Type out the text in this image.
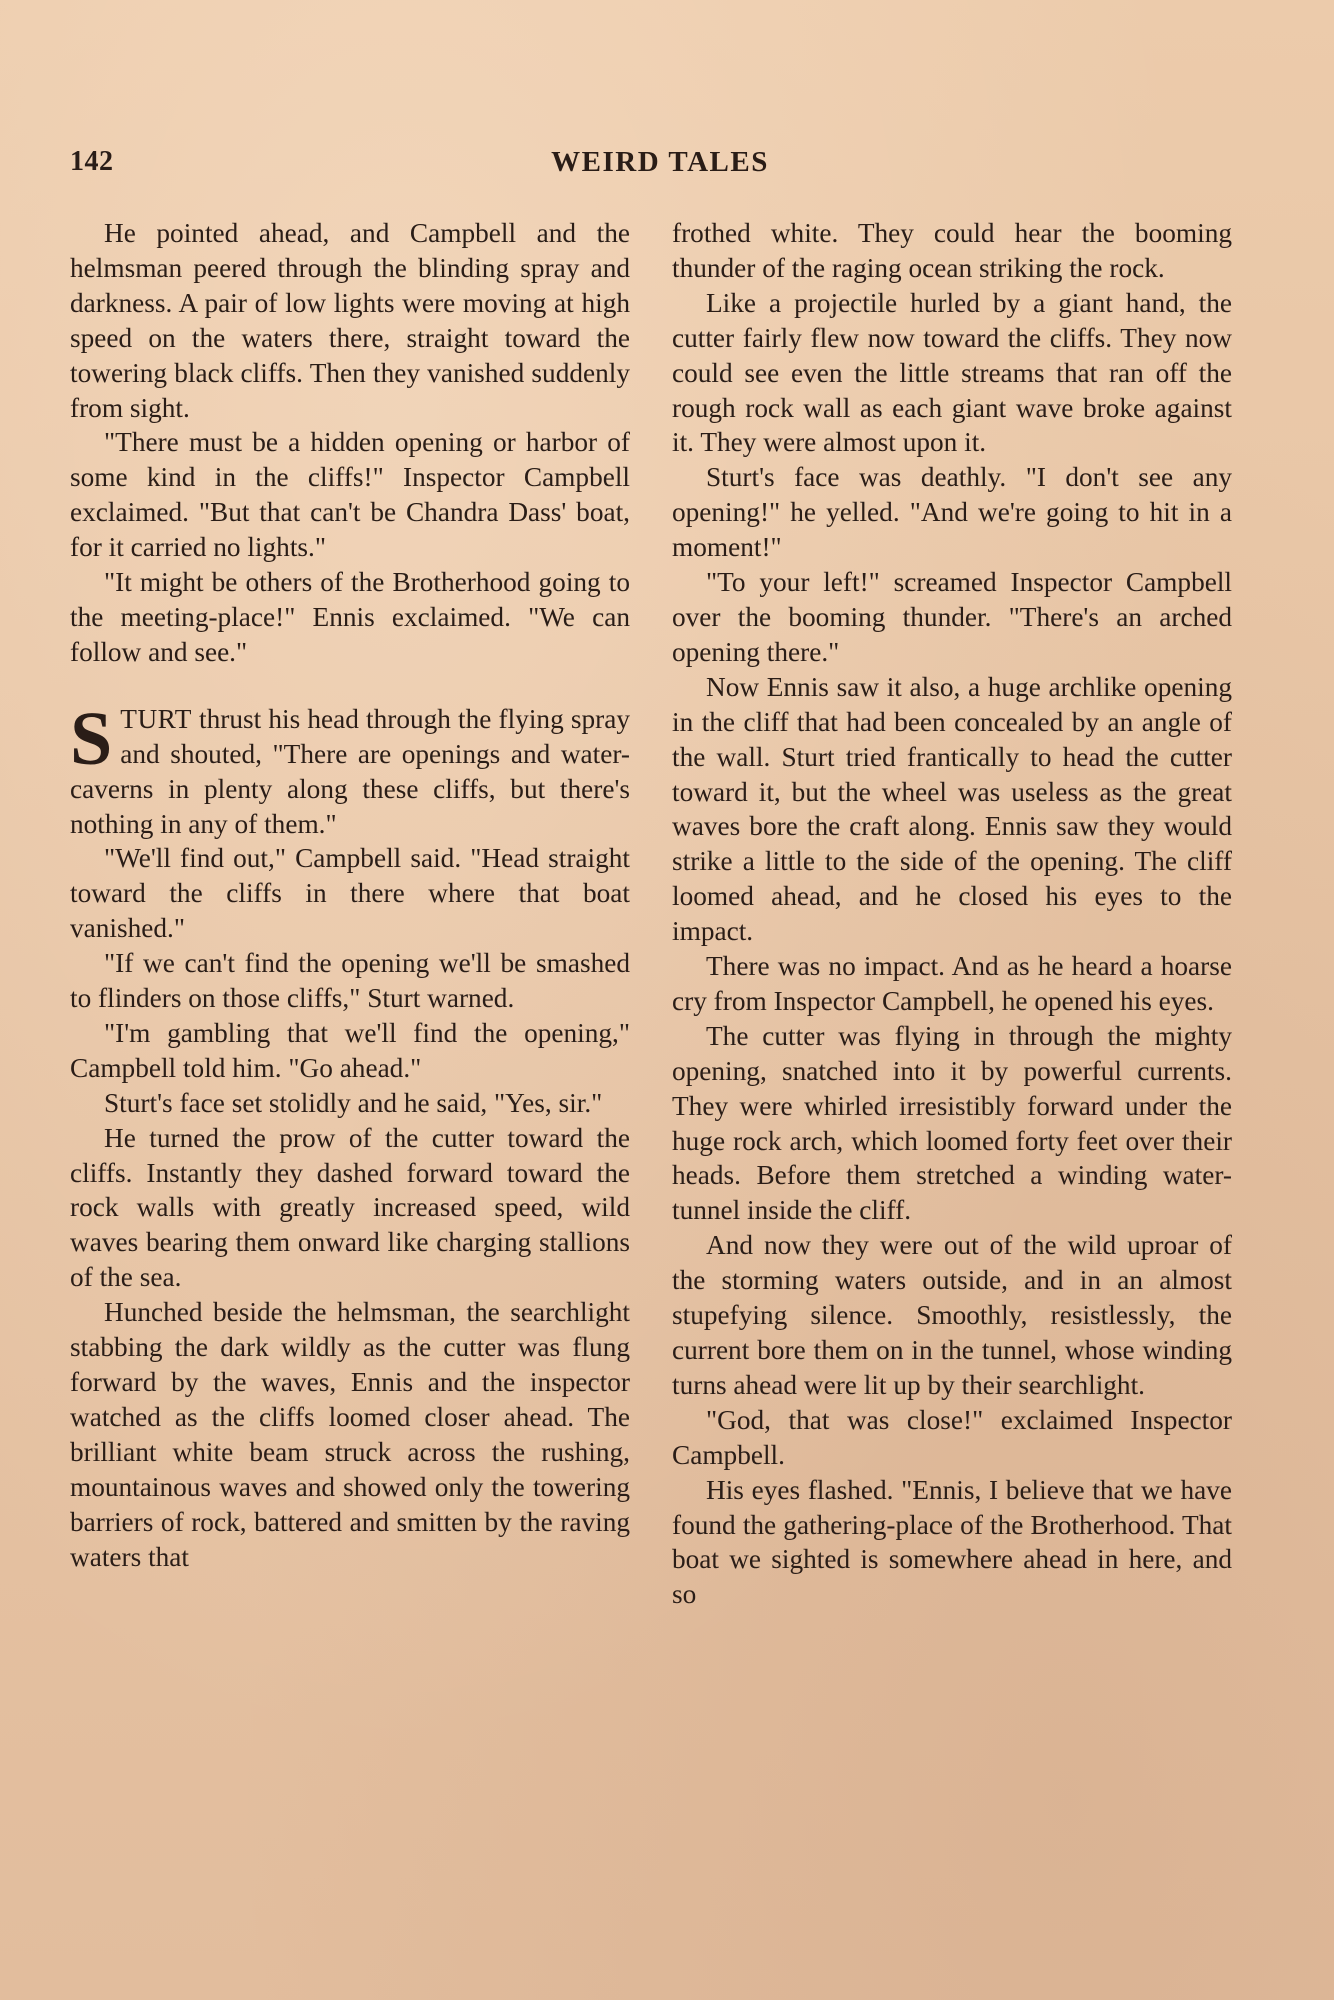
142	WEIRD TALES

He pointed ahead, and Campbell and the helmsman peered through the blinding spray and darkness. A pair of low lights were moving at high speed on the waters there, straight toward the towering black cliffs. Then they vanished suddenly from sight.

"There must be a hidden opening or harbor of some kind in the cliffs!" Inspector Campbell exclaimed. "But that can't be Chandra Dass' boat, for it carried no lights."

"It might be others of the Brotherhood going to the meeting-place!" Ennis exclaimed. "We can follow and see."

STURT thrust his head through the flying spray and shouted, "There are openings and water-caverns in plenty along these cliffs, but there's nothing in any of them."

"We'll find out," Campbell said. "Head straight toward the cliffs in there where that boat vanished."

"If we can't find the opening we'll be smashed to flinders on those cliffs," Sturt warned.

"I'm gambling that we'll find the opening," Campbell told him. "Go ahead."

Sturt's face set stolidly and he said, "Yes, sir."

He turned the prow of the cutter toward the cliffs. Instantly they dashed forward toward the rock walls with greatly increased speed, wild waves bearing them onward like charging stallions of the sea.

Hunched beside the helmsman, the searchlight stabbing the dark wildly as the cutter was flung forward by the waves, Ennis and the inspector watched as the cliffs loomed closer ahead. The brilliant white beam struck across the rushing, mountainous waves and showed only the towering barriers of rock, battered and smitten by the raving waters that

frothed white. They could hear the booming thunder of the raging ocean striking the rock.

Like a projectile hurled by a giant hand, the cutter fairly flew now toward the cliffs. They now could see even the little streams that ran off the rough rock wall as each giant wave broke against it. They were almost upon it.

Sturt's face was deathly. "I don't see any opening!" he yelled. "And we're going to hit in a moment!"

"To your left!" screamed Inspector Campbell over the booming thunder. "There's an arched opening there."

Now Ennis saw it also, a huge archlike opening in the cliff that had been concealed by an angle of the wall. Sturt tried frantically to head the cutter toward it, but the wheel was useless as the great waves bore the craft along. Ennis saw they would strike a little to the side of the opening. The cliff loomed ahead, and he closed his eyes to the impact.

There was no impact. And as he heard a hoarse cry from Inspector Campbell, he opened his eyes.

The cutter was flying in through the mighty opening, snatched into it by powerful currents. They were whirled irresistibly forward under the huge rock arch, which loomed forty feet over their heads. Before them stretched a winding water-tunnel inside the cliff.

And now they were out of the wild uproar of the storming waters outside, and in an almost stupefying silence. Smoothly, resistlessly, the current bore them on in the tunnel, whose winding turns ahead were lit up by their searchlight.

"God, that was close!" exclaimed Inspector Campbell.

His eyes flashed. "Ennis, I believe that we have found the gathering-place of the Brotherhood. That boat we sighted is somewhere ahead in here, and so
